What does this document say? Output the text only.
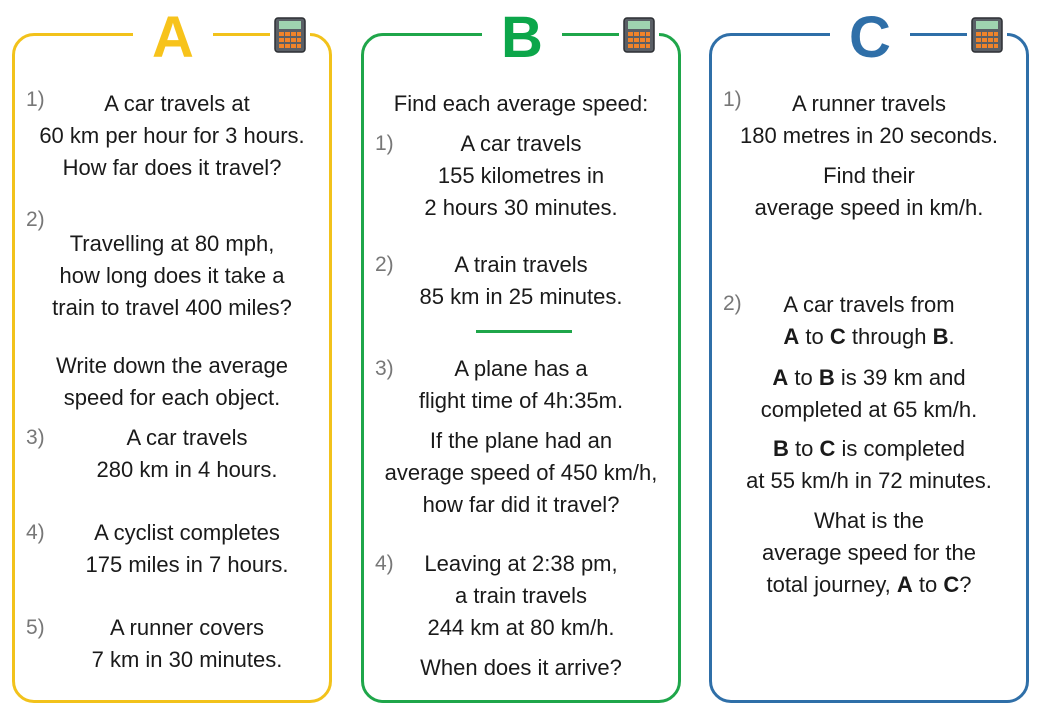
A
1)	A car travels at
60 km per hour for 3 hours.
How far does it travel?
2)
Travelling at 80 mph,
how long does it take a
train to travel 400 miles?
Write down the average
speed for each object.
3)	A car travels
280 km in 4 hours.
4)	A cyclist completes
175 miles in 7 hours.
5)	A runner covers
7 km in 30 minutes.
B
Find each average speed:
1)	A car travels
155 kilometres in
2 hours 30 minutes.
2)	A train travels
85 km in 25 minutes.
3)	A plane has a
flight time of 4h:35m.
If the plane had an
average speed of 450 km/h,
how far did it travel?
4)	Leaving at 2:38 pm,
a train travels
244 km at 80 km/h.
When does it arrive?
C
1)	A runner travels
180 metres in 20 seconds.
Find their
average speed in km/h.
2)	A car travels from
A to C through B.
A to B is 39 km and
completed at 65 km/h.
B to C is completed
at 55 km/h in 72 minutes.
What is the
average speed for the
total journey, A to C?
